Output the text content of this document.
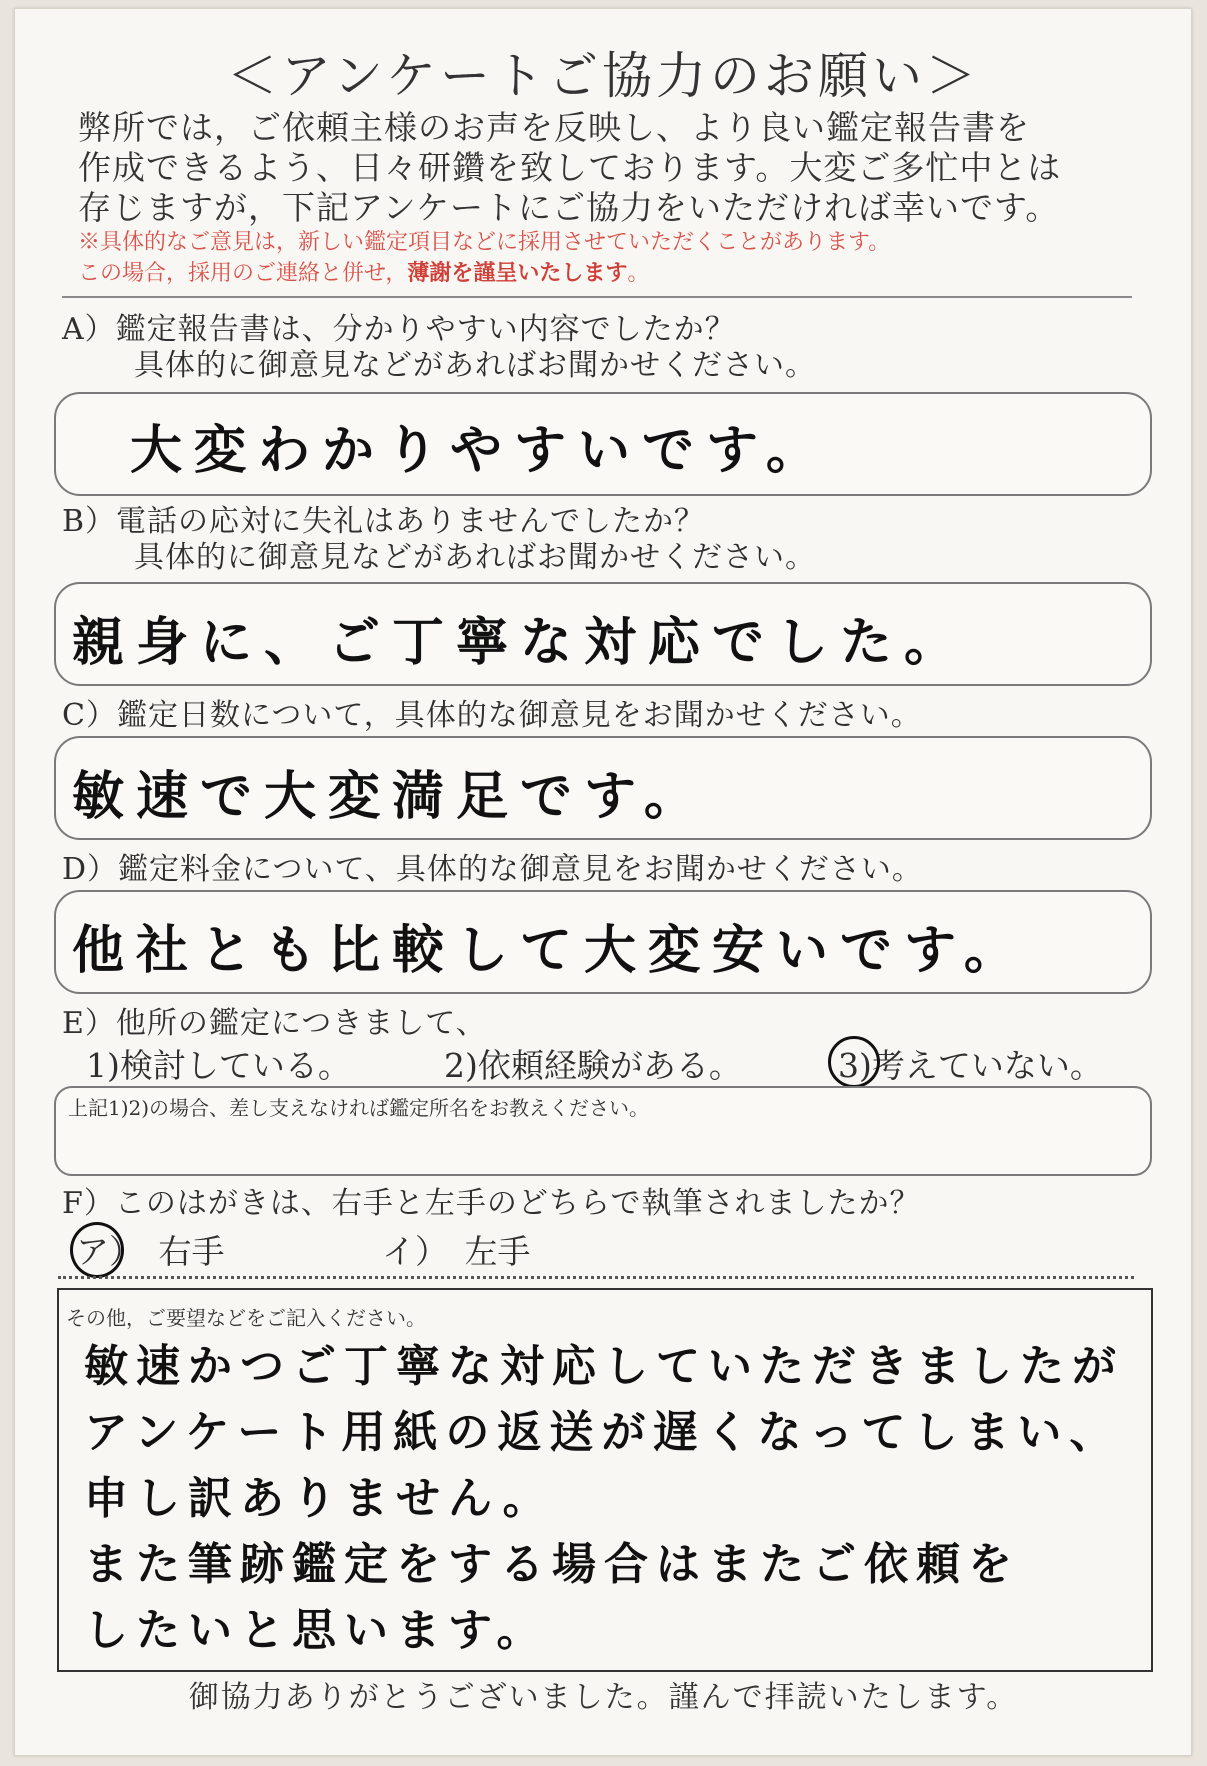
＜アンケートご協力のお願い＞
弊所では，ご依頼主様のお声を反映し、より良い鑑定報告書を
作成できるよう、日々研鑽を致しております。大変ご多忙中とは
存じますが，下記アンケートにご協力をいただければ幸いです。
※具体的なご意見は，新しい鑑定項目などに採用させていただくことがあります。
この場合，採用のご連絡と併せ，薄謝を謹呈いたします。
A）鑑定報告書は、分かりやすい内容でしたか？
具体的に御意見などがあればお聞かせください。
大変わかりやすいです。
B）電話の応対に失礼はありませんでしたか？
具体的に御意見などがあればお聞かせください。
親身に、ご丁寧な対応でした。
C）鑑定日数について，具体的な御意見をお聞かせください。
敏速で大変満足です。
D）鑑定料金について、具体的な御意見をお聞かせください。
他社とも比較して大変安いです。
E）他所の鑑定につきまして、
1)検討している。	2)依頼経験がある。	3)考えていない。
上記1)2)の場合、差し支えなければ鑑定所名をお教えください。
F）このはがきは、右手と左手のどちらで執筆されましたか？
ア）　右手	イ）　左手
その他，ご要望などをご記入ください。
敏速かつご丁寧な対応していただきましたが
アンケート用紙の返送が遅くなってしまい、
申し訳ありません。
また筆跡鑑定をする場合はまたご依頼を
したいと思います。
御協力ありがとうございました。謹んで拝読いたします。
